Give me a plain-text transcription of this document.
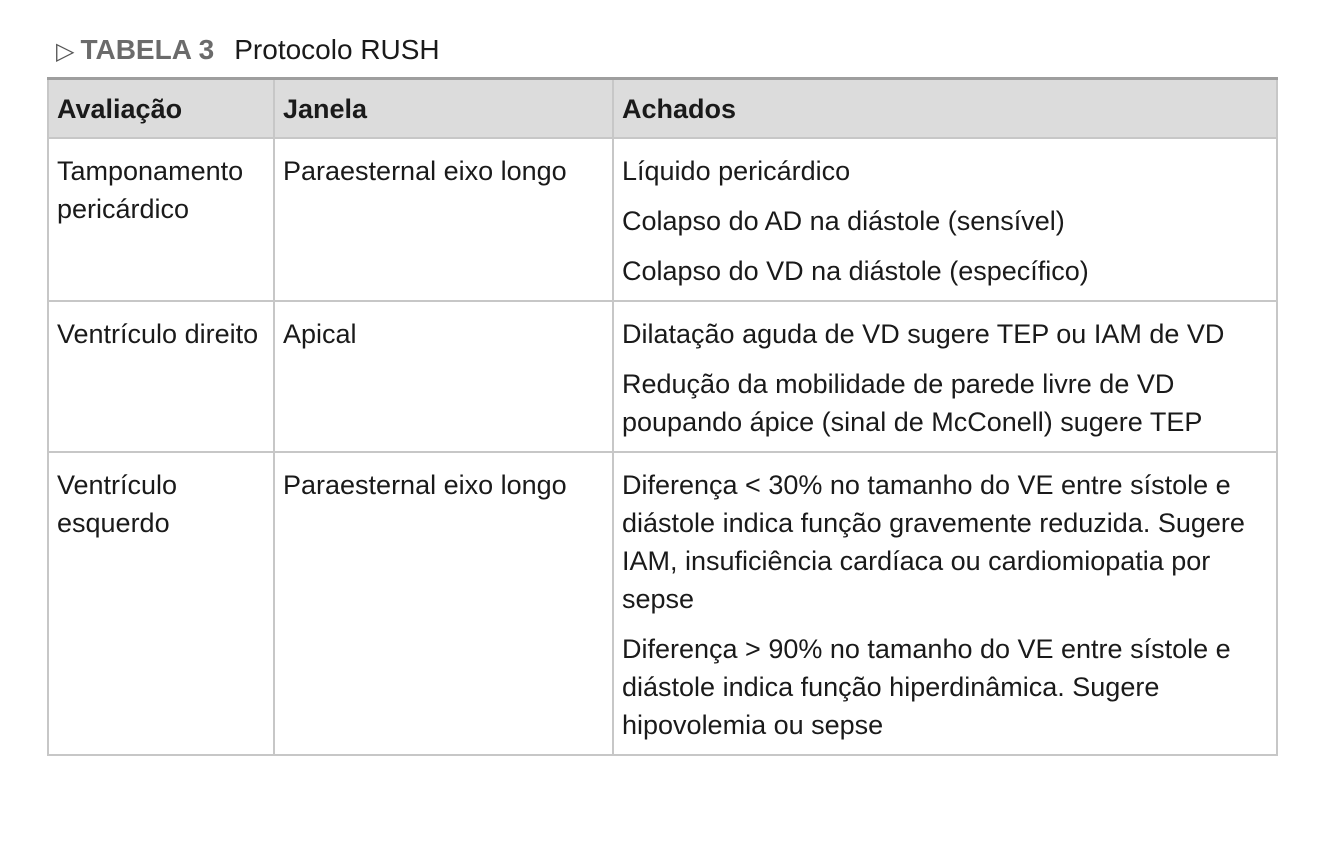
▷ TABELA 3 Protocolo RUSH
Avaliação	Janela	Achados
Tamponamento pericárdico	Paraesternal eixo longo	Líquido pericárdico
Colapso do AD na diástole (sensível)
Colapso do VD na diástole (específico)

Ventrículo direito	Apical	Dilatação aguda de VD sugere TEP ou IAM de VD
Redução da mobilidade de parede livre de VD poupando ápice (sinal de McConell) sugere TEP

Ventrículo esquerdo	Paraesternal eixo longo	Diferença < 30% no tamanho do VE entre sístole e diástole indica função gravemente reduzida. Sugere IAM, insuficiência cardíaca ou cardiomiopatia por sepse
Diferença > 90% no tamanho do VE entre sístole e diástole indica função hiperdinâmica. Sugere hipovolemia ou sepse
